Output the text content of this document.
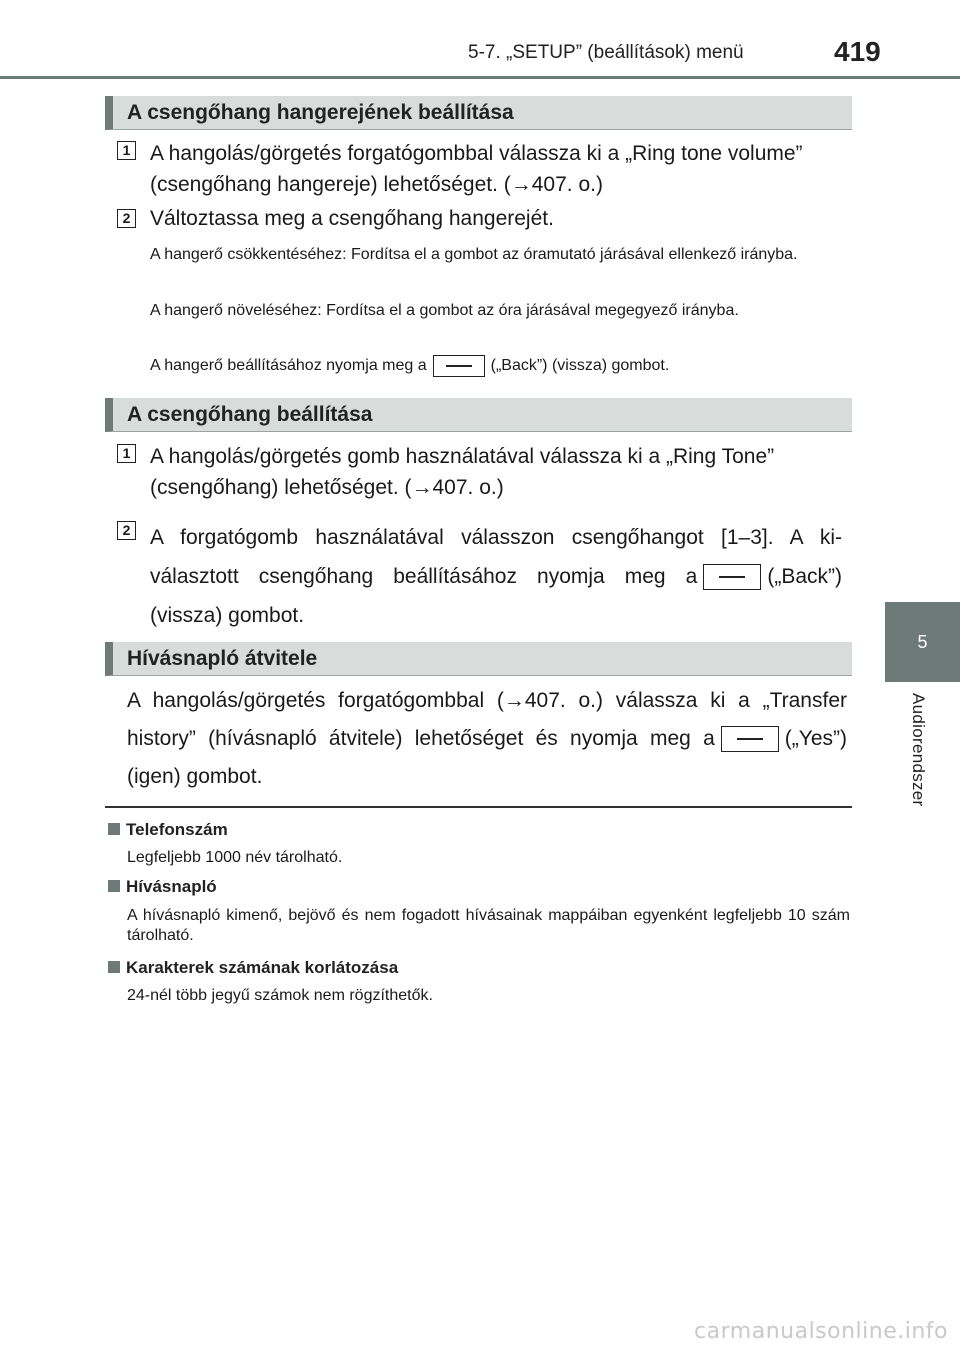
5-7. „SETUP” (beállítások) menü	419
5
Audiorendszer
A csengőhang hangerejének beállítása
1 A hangolás/görgetés forgatógombbal válassza ki a „Ring tone volume” (csengőhang hangereje) lehetőséget. (→407. o.)

2 Változtassa meg a csengőhang hangerejét.

A hangerő csökkentéséhez: Fordítsa el a gombot az óramutató járásával ellenkező irányba.

A hangerő növeléséhez: Fordítsa el a gombot az óra járásával megegyező irányba.

A hangerő beállításához nyomja meg a	(„Back”) (vissza) gombot.

A csengőhang beállítása
1 A hangolás/görgetés gomb használatával válassza ki a „Ring Tone” (csengőhang) lehetőséget. (→407. o.)

2 A forgatógomb használatával válasszon csengőhangot [1–3]. A kiválasztott csengőhang beállításához nyomja meg a	(„Back”) (vissza) gombot.

Hívásnapló átvitele

A hangolás/görgetés forgatógombbal (→407. o.) válassza ki a „Transfer history” (hívásnapló átvitele) lehetőséget és nyomja meg a	(„Yes”) (igen) gombot.

Telefonszám

Legfeljebb 1000 név tárolható.

Hívásnapló

A hívásnapló kimenő, bejövő és nem fogadott hívásainak mappáiban egyenként legfeljebb 10 szám tárolható.

Karakterek számának korlátozása

24-nél több jegyű számok nem rögzíthetők.

carmanualsonline.info
